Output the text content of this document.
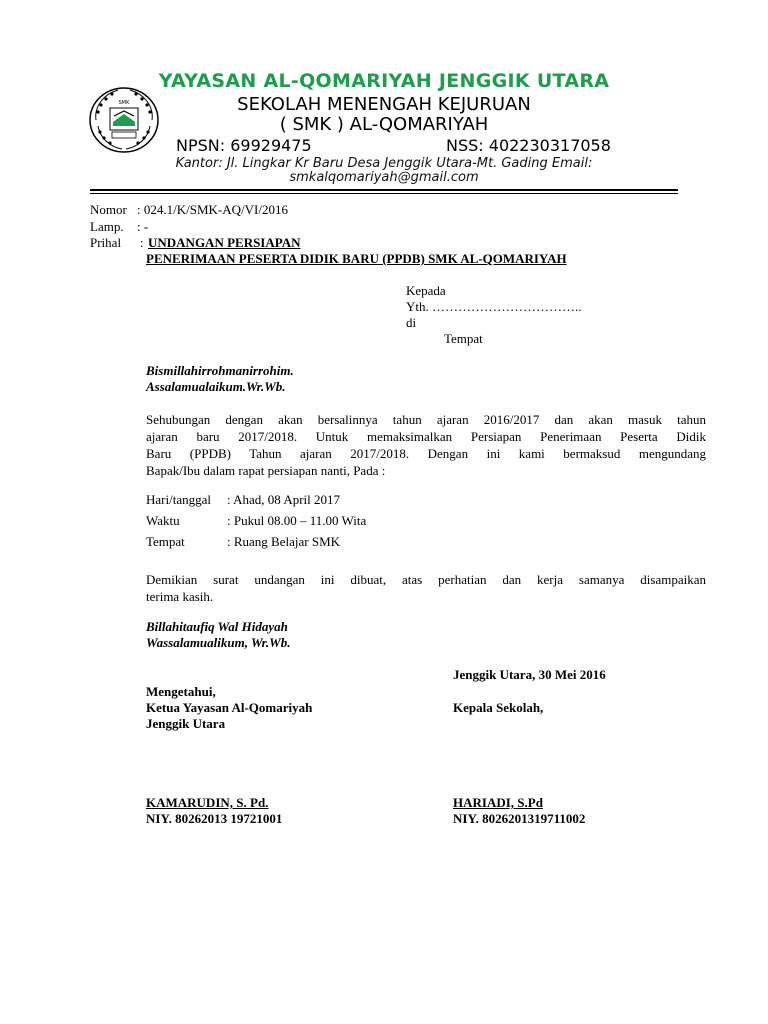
SMK
YAYASAN AL-QOMARIYAH JENGGIK UTARA
SEKOLAH MENENGAH KEJURUAN
( SMK ) AL-QOMARIYAH
NPSN: 69929475	NSS: 402230317058
Kantor: Jl. Lingkar Kr Baru Desa Jenggik Utara-Mt. Gading Email:
smkalqomariyah@gmail.com
Nomor : 024.1/K/SMK-AQ/VI/2016
Lamp. : -
Prihal : UNDANGAN PERSIAPAN
PENERIMAAN PESERTA DIDIK BARU (PPDB) SMK AL-QOMARIYAH
Kepada
Yth. ……………………………..
di
Tempat
Bismillahirrohmanirrohim.
Assalamualaikum.Wr.Wb.
Sehubungan dengan akan bersalinnya tahun ajaran 2016/2017 dan akan masuk tahun
ajaran baru 2017/2018. Untuk memaksimalkan Persiapan Penerimaan Peserta Didik
Baru (PPDB) Tahun ajaran 2017/2018. Dengan ini kami bermaksud mengundang
Bapak/Ibu dalam rapat persiapan nanti, Pada :
Hari/tanggal : Ahad, 08 April 2017
Waktu	: Pukul 08.00 – 11.00 Wita
Tempat	: Ruang Belajar SMK
Demikian surat undangan ini dibuat, atas perhatian dan kerja samanya disampaikan
terima kasih.
Billahitaufiq Wal Hidayah
Wassalamualikum, Wr.Wb.
Jenggik Utara, 30 Mei 2016
Mengetahui,
Ketua Yayasan Al-Qomariyah	Kepala Sekolah,
Jenggik Utara
KAMARUDIN, S. Pd.	HARIADI, S.Pd
NIY. 80262013 19721001	NIY. 8026201319711002
